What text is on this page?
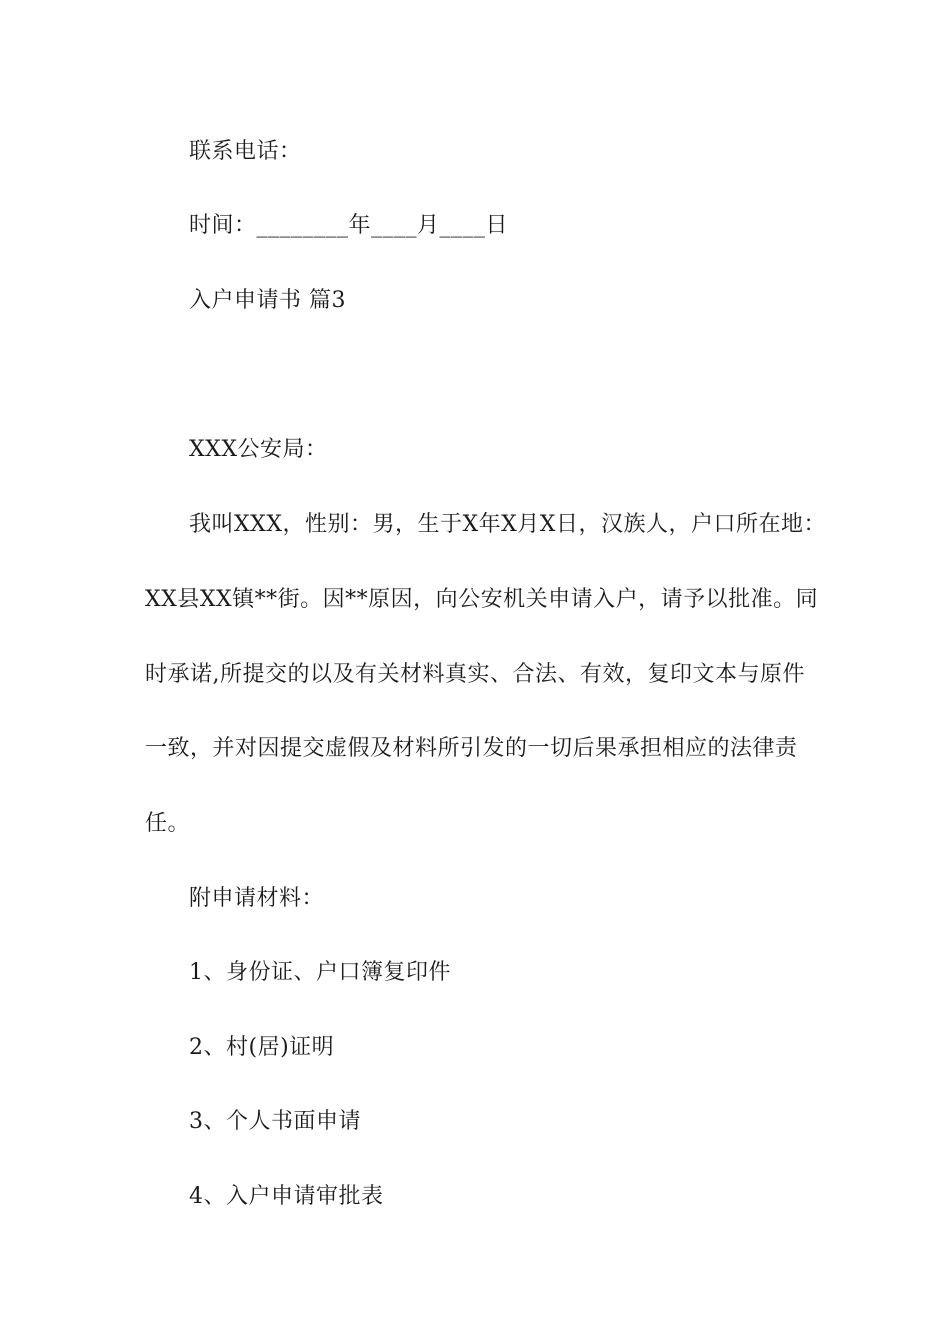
联系电话：
时间：________年____月____日
入户申请书 篇3
XXX公安局：
我叫XXX，性别：男，生于X年X月X日，汉族人，户口所在地：
XX县XX镇**街。因**原因，向公安机关申请入户，请予以批准。同
时承诺,所提交的以及有关材料真实、合法、有效，复印文本与原件
一致，并对因提交虚假及材料所引发的一切后果承担相应的法律责
任。
附申请材料：
1、身份证、户口簿复印件
2、村(居)证明
3、个人书面申请
4、入户申请审批表
